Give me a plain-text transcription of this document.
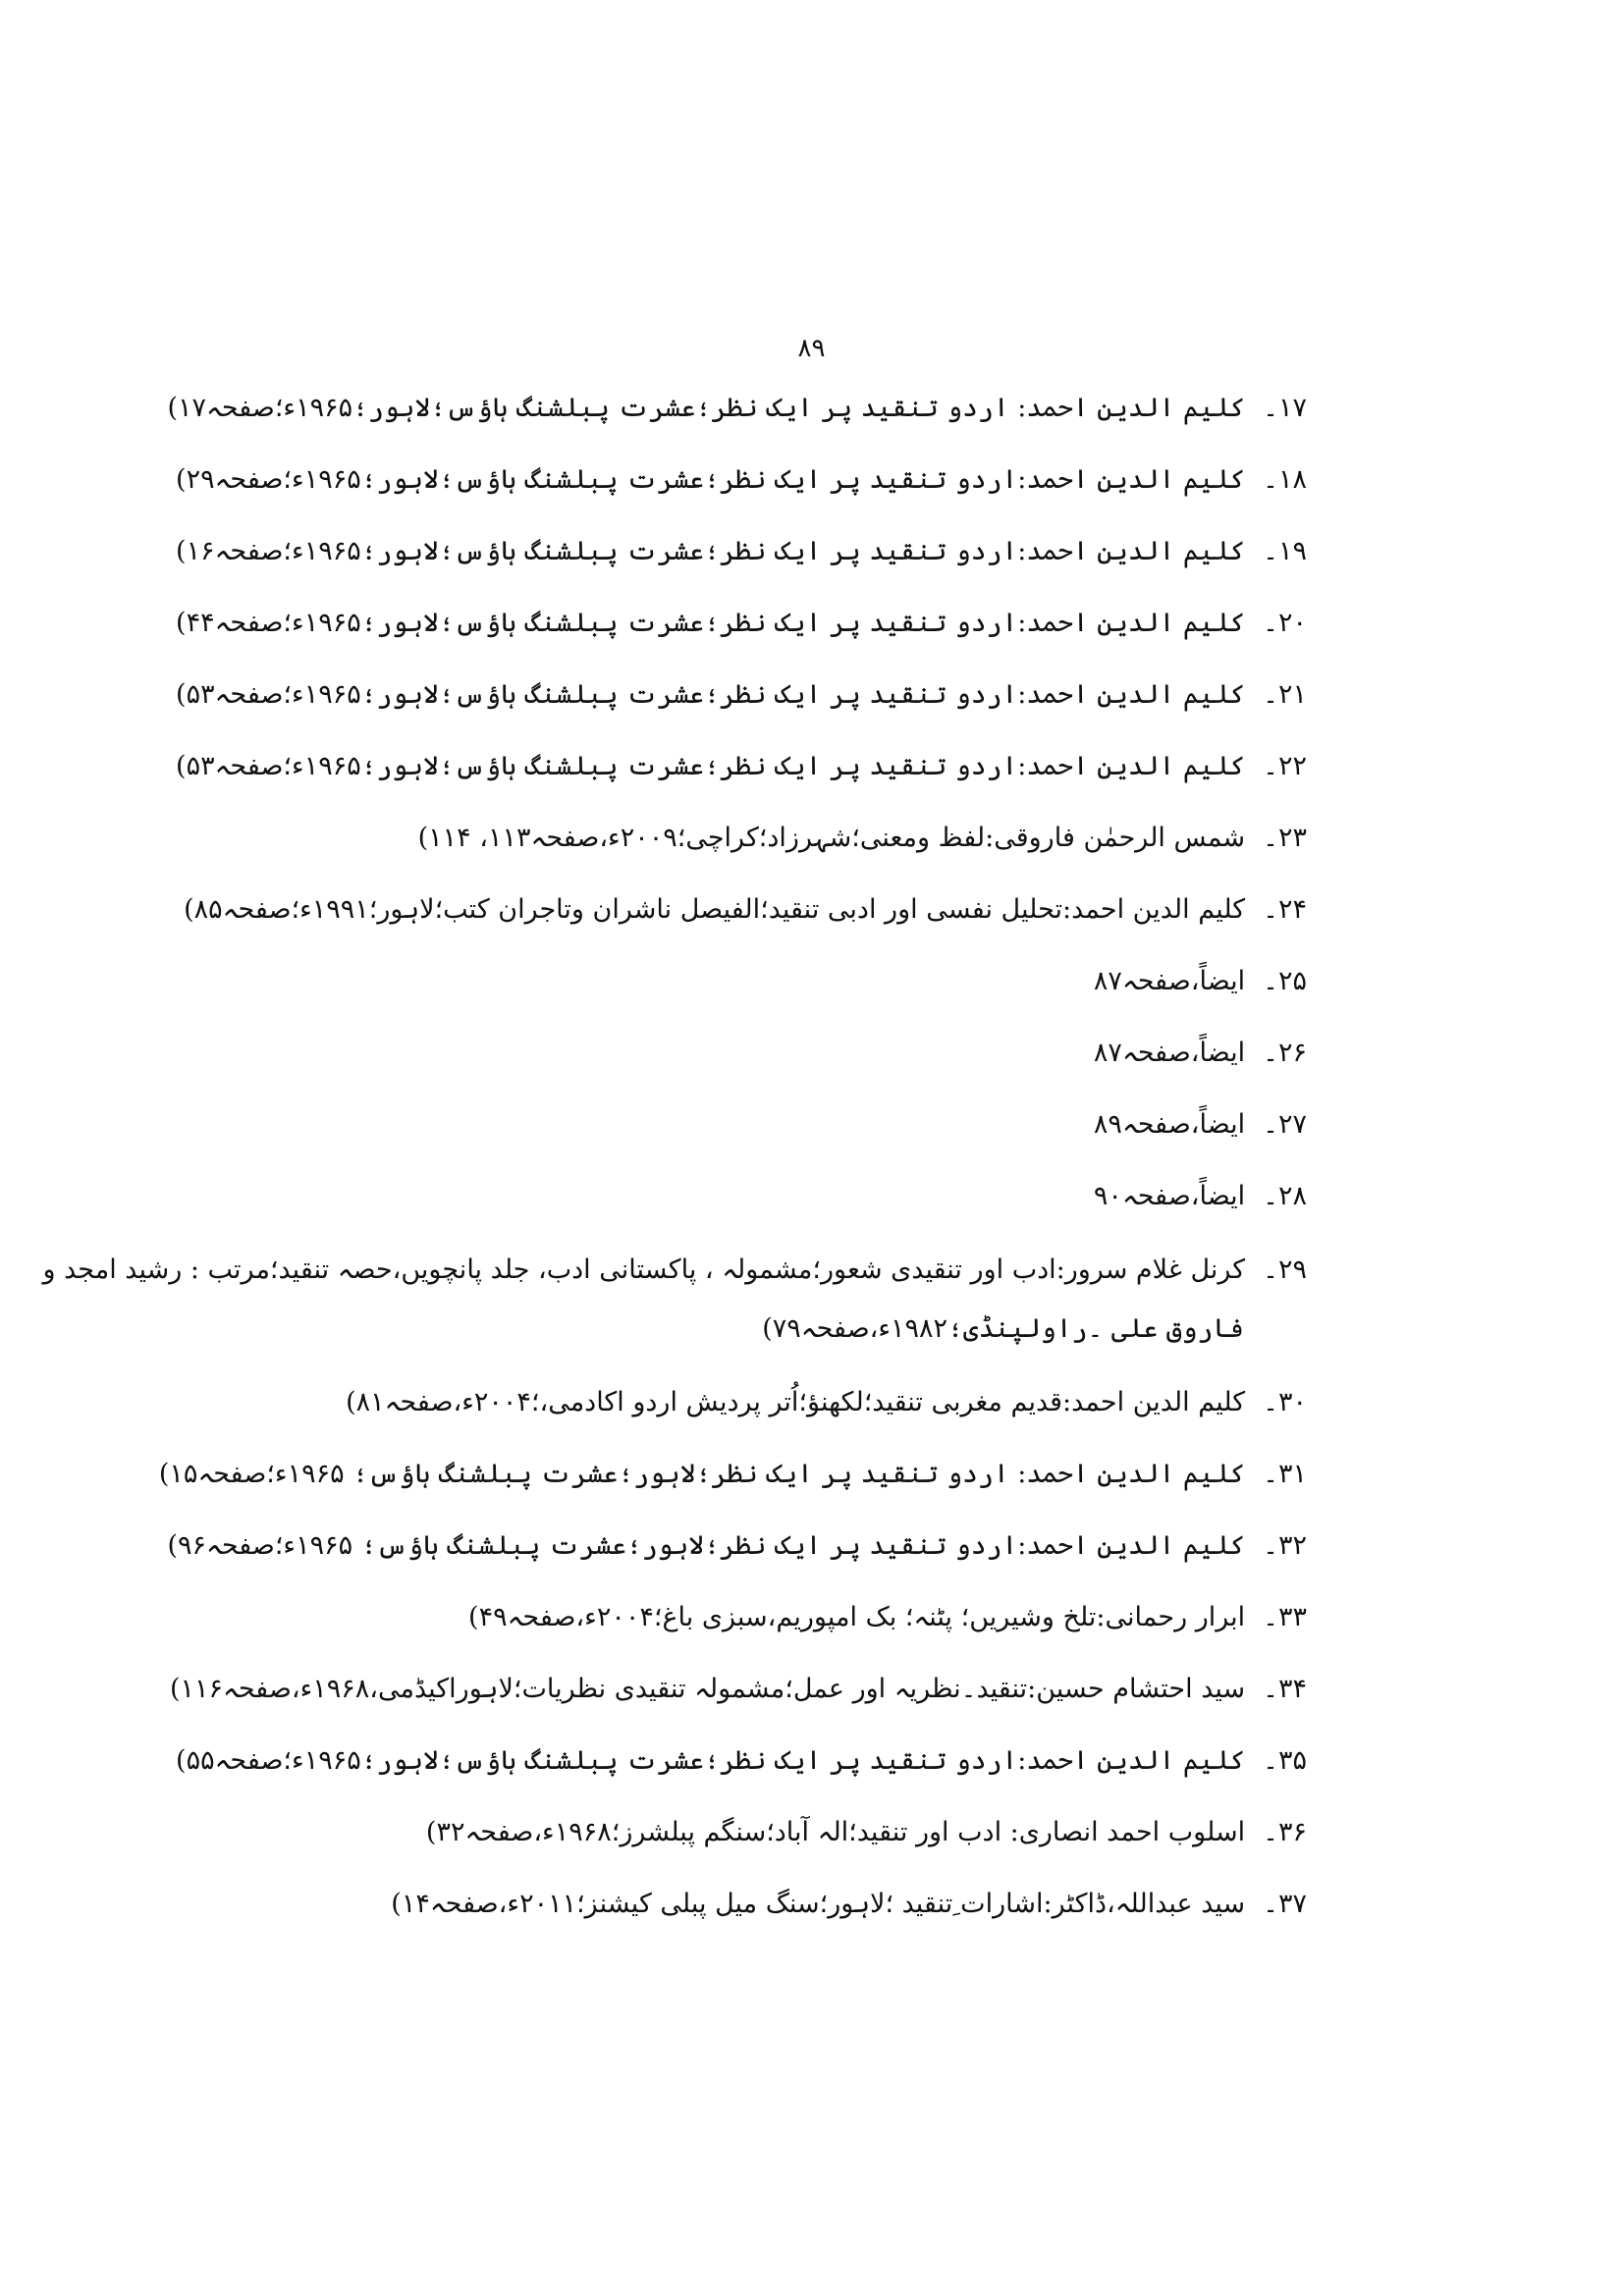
۸۹
۱۷۔کلیم الدین احمد: اردو تنقید پر ایک نظر؛عشرت پبلشنگ ہاؤس؛لاہور؛۱۹۶۵ء؛صفحہ۱۷)
۱۸۔کلیم الدین احمد:اردو تنقید پر ایک نظر؛عشرت پبلشنگ ہاؤس؛لاہور؛۱۹۶۵ء؛صفحہ۲۹)
۱۹۔کلیم الدین احمد:اردو تنقید پر ایک نظر؛عشرت پبلشنگ ہاؤس؛لاہور؛۱۹۶۵ء؛صفحہ۱۶)
۲۰۔کلیم الدین احمد:اردو تنقید پر ایک نظر؛عشرت پبلشنگ ہاؤس؛لاہور؛۱۹۶۵ء؛صفحہ۴۴)
۲۱۔کلیم الدین احمد:اردو تنقید پر ایک نظر؛عشرت پبلشنگ ہاؤس؛لاہور؛۱۹۶۵ء؛صفحہ۵۳)
۲۲۔کلیم الدین احمد:اردو تنقید پر ایک نظر؛عشرت پبلشنگ ہاؤس؛لاہور؛۱۹۶۵ء؛صفحہ۵۳)
۲۳۔شمس الرحمٰن فاروقی:لفظ ومعنی؛شہرزاد؛کراچی؛۲۰۰۹ء،صفحہ۱۱۳، ۱۱۴)
۲۴۔کلیم الدین احمد:تحلیل نفسی اور ادبی تنقید؛الفیصل ناشران وتاجران کتب؛لاہور؛۱۹۹۱ء؛صفحہ۸۵)
۲۵۔ایضاً،صفحہ۸۷
۲۶۔ایضاً،صفحہ۸۷
۲۷۔ایضاً،صفحہ۸۹
۲۸۔ایضاً،صفحہ۹۰
۲۹۔کرنل غلام سرور:ادب اور تنقیدی شعور؛مشمولہ ، پاکستانی ادب، جلد پانچویں،حصہ تنقید؛مرتب : رشید امجد و
فاروق علی ۔راولپنڈی؛۱۹۸۲ء،صفحہ۷۹)
۳۰۔کلیم الدین احمد:قدیم مغربی تنقید؛لکھنؤ؛اُتر پردیش اردو اکادمی،؛۲۰۰۴ء،صفحہ۸۱)
۳۱۔کلیم الدین احمد: اردو تنقید پر ایک نظر؛لاہور؛عشرت پبلشنگ ہاؤس؛ ۱۹۶۵ء؛صفحہ۱۵)
۳۲۔کلیم الدین احمد:اردو تنقید پر ایک نظر؛لاہور؛عشرت پبلشنگ ہاؤس؛ ۱۹۶۵ء؛صفحہ۹۶)
۳۳۔ابرار رحمانی:تلخ وشیریں؛ پٹنہ؛ بک امپوریم،سبزی باغ؛۲۰۰۴ء،صفحہ۴۹)
۳۴۔سید احتشام حسین:تنقید۔نظریہ اور عمل؛مشمولہ تنقیدی نظریات؛لاہوراکیڈمی،۱۹۶۸ء،صفحہ۱۱۶)
۳۵۔کلیم الدین احمد:اردو تنقید پر ایک نظر؛عشرت پبلشنگ ہاؤس؛لاہور؛۱۹۶۵ء؛صفحہ۵۵)
۳۶۔اسلوب احمد انصاری: ادب اور تنقید؛الہ آباد؛سنگم پبلشرز؛۱۹۶۸ء،صفحہ۳۲)
۳۷۔سید عبداللہ،ڈاکٹر:اشارات ِتنقید ؛لاہور؛سنگ میل پبلی کیشنز؛۲۰۱۱ء،صفحہ۱۴)
